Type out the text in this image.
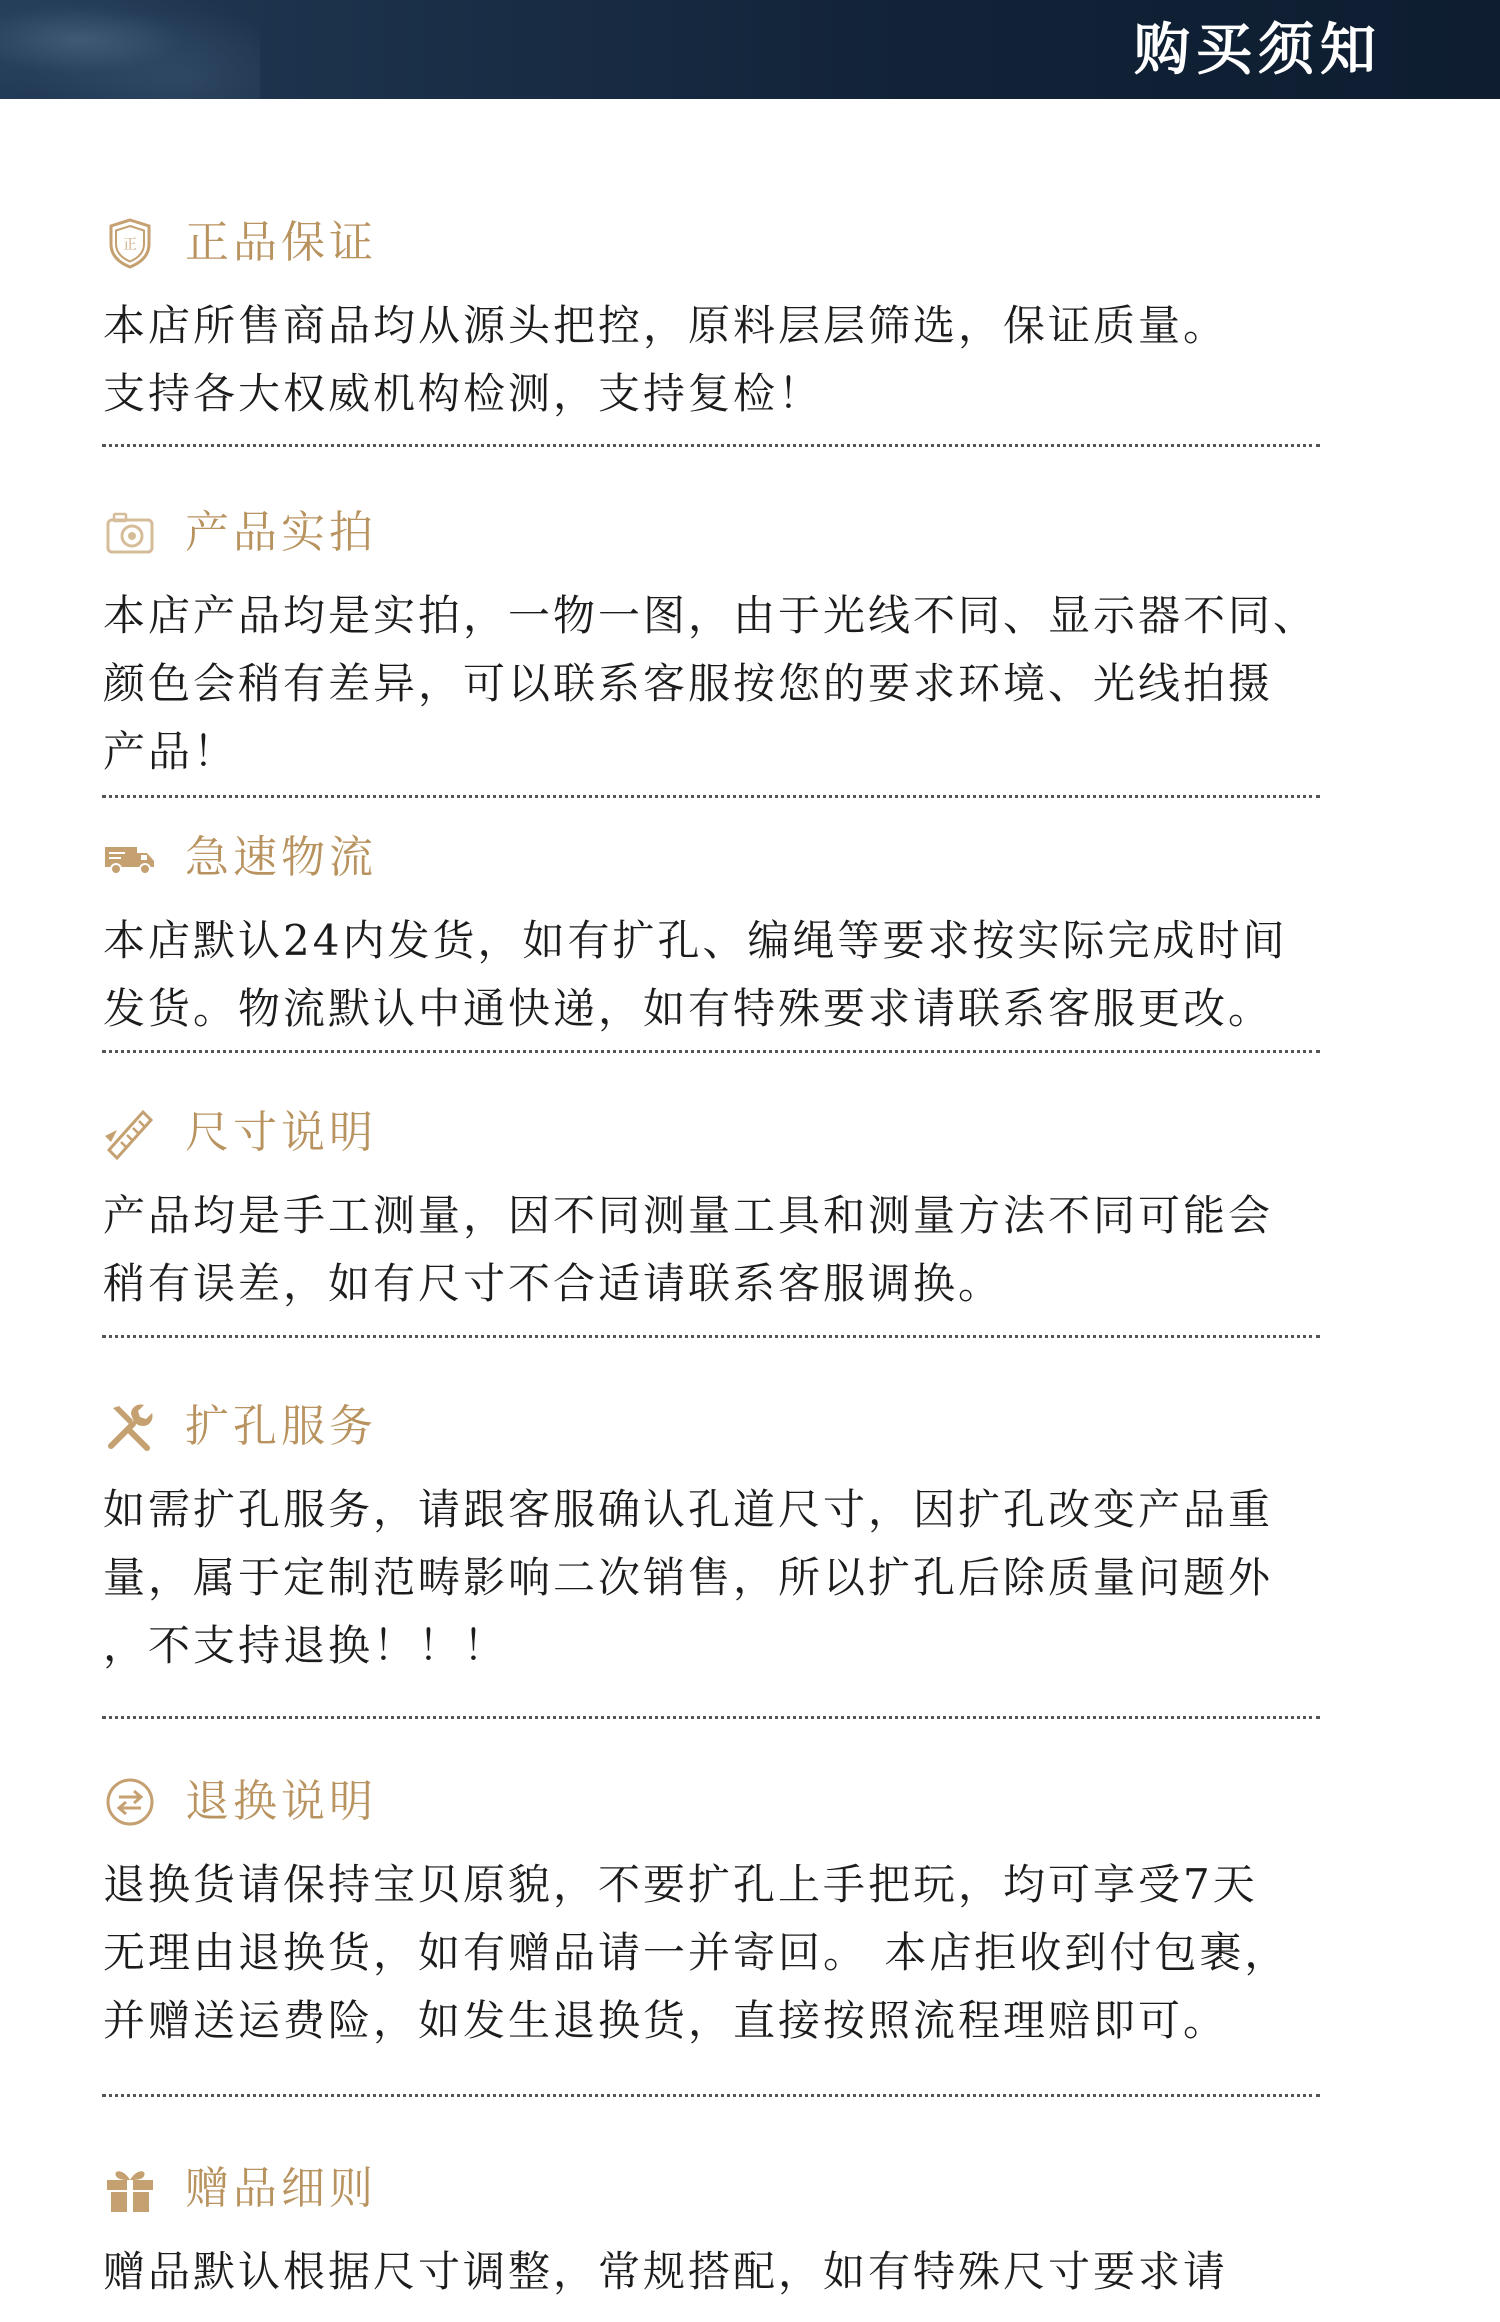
购买须知
正 正品保证

本店所售商品均从源头把控，原料层层筛选，保证质量。

支持各大权威机构检测，支持复检！

产品实拍

本店产品均是实拍，一物一图，由于光线不同、显示器不同、

颜色会稍有差异，可以联系客服按您的要求环境、光线拍摄

产品！

急速物流

本店默认24内发货，如有扩孔、编绳等要求按实际完成时间

发货。物流默认中通快递，如有特殊要求请联系客服更改。

尺寸说明

产品均是手工测量，因不同测量工具和测量方法不同可能会

稍有误差，如有尺寸不合适请联系客服调换。

扩孔服务

如需扩孔服务，请跟客服确认孔道尺寸，因扩孔改变产品重

量，属于定制范畴影响二次销售，所以扩孔后除质量问题外

，不支持退换！！！

退换说明

退换货请保持宝贝原貌，不要扩孔上手把玩，均可享受7天

无理由退换货，如有赠品请一并寄回。 本店拒收到付包裹，

并赠送运费险，如发生退换货，直接按照流程理赔即可。

赠品细则

赠品默认根据尺寸调整，常规搭配，如有特殊尺寸要求请
